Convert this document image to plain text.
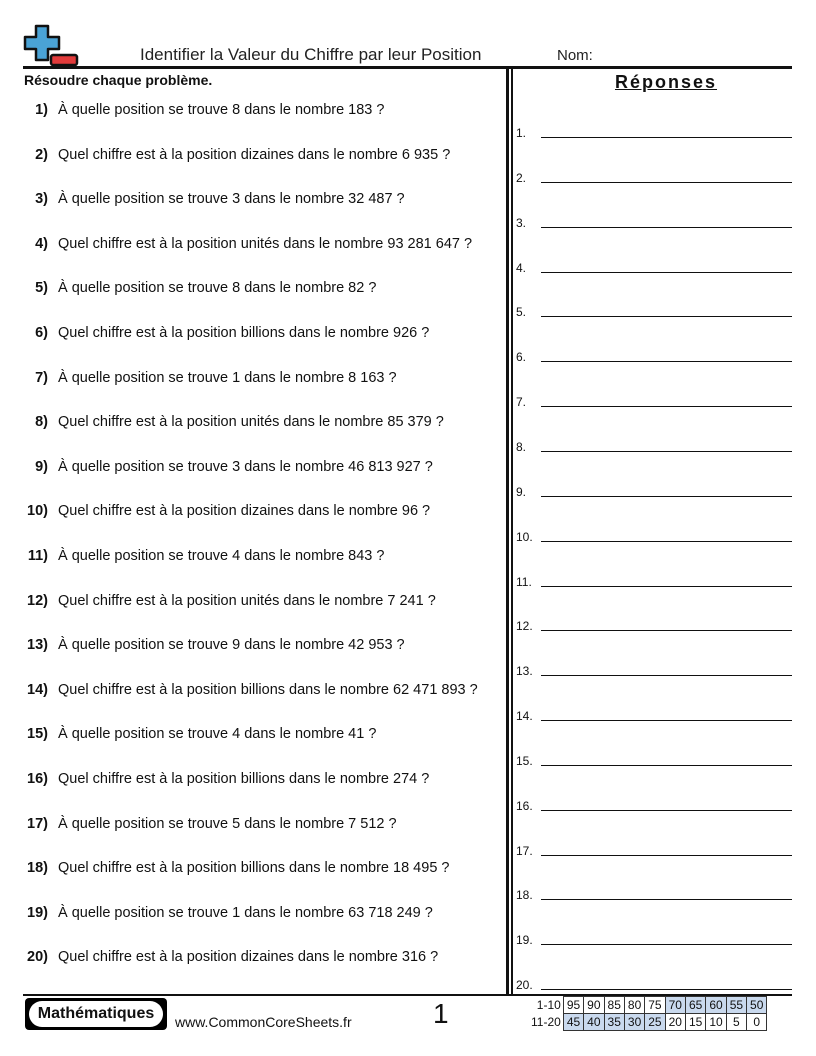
Identifier la Valeur du Chiffre par leur Position	Nom:
Résoudre chaque problème.
1) À quelle position se trouve 8 dans le nombre 183 ?
2) Quel chiffre est à la position dizaines dans le nombre 6 935 ?
3) À quelle position se trouve 3 dans le nombre 32 487 ?
4) Quel chiffre est à la position unités dans le nombre 93 281 647 ?
5) À quelle position se trouve 8 dans le nombre 82 ?
6) Quel chiffre est à la position billions dans le nombre 926 ?
7) À quelle position se trouve 1 dans le nombre 8 163 ?
8) Quel chiffre est à la position unités dans le nombre 85 379 ?
9) À quelle position se trouve 3 dans le nombre 46 813 927 ?
10) Quel chiffre est à la position dizaines dans le nombre 96 ?
11) À quelle position se trouve 4 dans le nombre 843 ?
12) Quel chiffre est à la position unités dans le nombre 7 241 ?
13) À quelle position se trouve 9 dans le nombre 42 953 ?
14) Quel chiffre est à la position billions dans le nombre 62 471 893 ?
15) À quelle position se trouve 4 dans le nombre 41 ?
16) Quel chiffre est à la position billions dans le nombre 274 ?
17) À quelle position se trouve 5 dans le nombre 7 512 ?
18) Quel chiffre est à la position billions dans le nombre 18 495 ?
19) À quelle position se trouve 1 dans le nombre 63 718 249 ?
20) Quel chiffre est à la position dizaines dans le nombre 316 ?
Réponses
1.
2.
3.
4.
5.
6.
7.
8.
9.
10.
11.
12.
13.
14.
15.
16.
17.
18.
19.
20.
Mathématiques	www.CommonCoreSheets.fr	1	1-10	95	90	85	80	75	70	65	60	55	50
11-20	45	40	35	30	25	20	15	10	5	0
